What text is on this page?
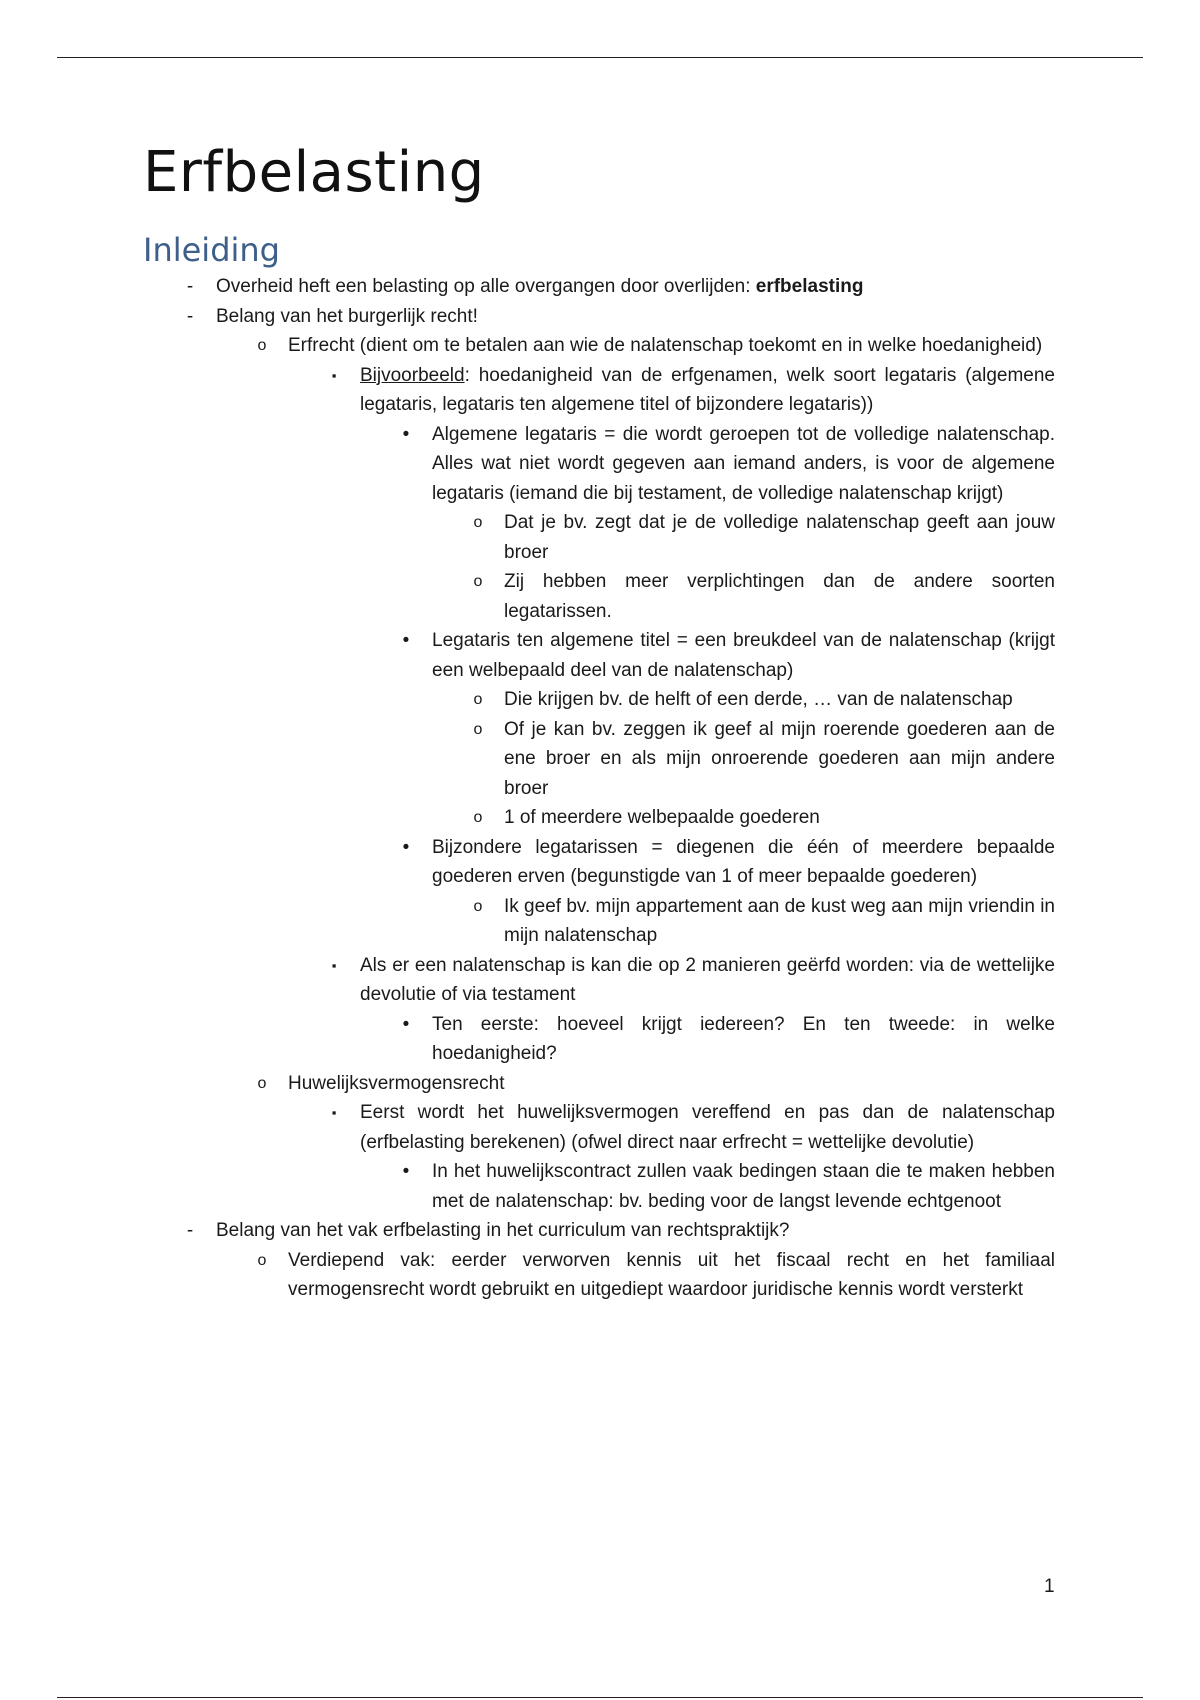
Erfbelasting
Inleiding
- Overheid heft een belasting op alle overgangen door overlijden: erfbelasting
- Belang van het burgerlijk recht!
o Erfrecht (dient om te betalen aan wie de nalatenschap toekomt en in welke hoedanigheid)
▪	Bijvoorbeeld: hoedanigheid van de erfgenamen, welk soort legataris (algemene legataris, legataris ten algemene titel of bijzondere legataris))
• Algemene legataris = die wordt geroepen tot de volledige nalatenschap. Alles wat niet wordt gegeven aan iemand anders, is voor de algemene legataris (iemand die bij testament, de volledige nalatenschap krijgt)
o Dat je bv. zegt dat je de volledige nalatenschap geeft aan jouw broer
o Zij hebben meer verplichtingen dan de andere soorten legatarissen.
• Legataris ten algemene titel = een breukdeel van de nalatenschap (krijgt een welbepaald deel van de nalatenschap)
o Die krijgen bv. de helft of een derde, … van de nalatenschap
o Of je kan bv. zeggen ik geef al mijn roerende goederen aan de ene broer en als mijn onroerende goederen aan mijn andere broer
o 1 of meerdere welbepaalde goederen
• Bijzondere legatarissen = diegenen die één of meerdere bepaalde goederen erven (begunstigde van 1 of meer bepaalde goederen)
o Ik geef bv. mijn appartement aan de kust weg aan mijn vriendin in mijn nalatenschap
▪	Als er een nalatenschap is kan die op 2 manieren geërfd worden: via de wettelijke devolutie of via testament
• Ten eerste: hoeveel krijgt iedereen? En ten tweede: in welke hoedanigheid?
o Huwelijksvermogensrecht
▪	Eerst wordt het huwelijksvermogen vereffend en pas dan de nalatenschap (erfbelasting berekenen) (ofwel direct naar erfrecht = wettelijke devolutie)
• In het huwelijkscontract zullen vaak bedingen staan die te maken hebben met de nalatenschap: bv. beding voor de langst levende echtgenoot
- Belang van het vak erfbelasting in het curriculum van rechtspraktijk?
o Verdiepend vak: eerder verworven kennis uit het fiscaal recht en het familiaal vermogensrecht wordt gebruikt en uitgediept waardoor juridische kennis wordt versterkt
1
